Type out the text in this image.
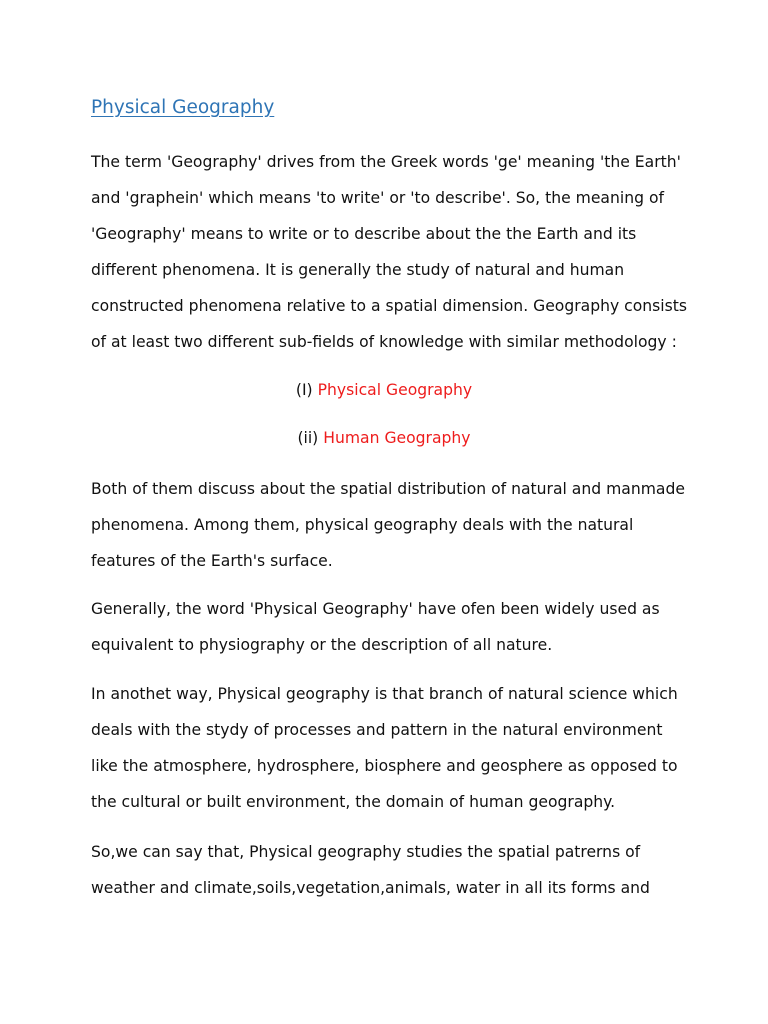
Physical Geography

The term 'Geography' drives from the Greek words 'ge' meaning 'the Earth'

and 'graphein' which means 'to write' or 'to describe'. So, the meaning of

'Geography' means to write or to describe about the the Earth and its

different phenomena. It is generally the study of natural and human

constructed phenomena relative to a spatial dimension. Geography consists

of at least two different sub-fields of knowledge with similar methodology :

(I) Physical Geography

(ii) Human Geography

Both of them discuss about the spatial distribution of natural and manmade

phenomena. Among them, physical geography deals with the natural

features of the Earth's surface.

Generally, the word 'Physical Geography' have ofen been widely used as

equivalent to physiography or the description of all nature.

In anothet way, Physical geography is that branch of natural science which

deals with the stydy of processes and pattern in the natural environment

like the atmosphere, hydrosphere, biosphere and geosphere as opposed to

the cultural or built environment, the domain of human geography.

So,we can say that, Physical geography studies the spatial patrerns of

weather and climate,soils,vegetation,animals, water in all its forms and
